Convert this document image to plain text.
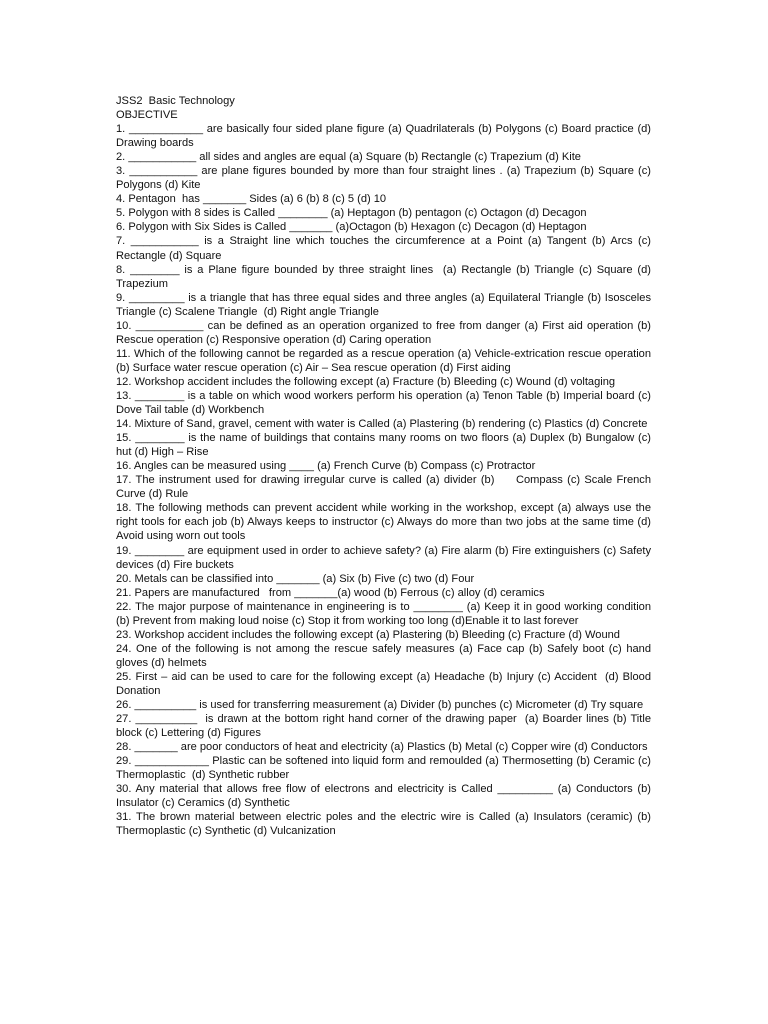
JSS2  Basic Technology

OBJECTIVE

1. ____________ are basically four sided plane figure (a) Quadrilaterals (b) Polygons (c) Board practice (d) Drawing boards

2. ___________ all sides and angles are equal (a) Square (b) Rectangle (c) Trapezium (d) Kite

3. ___________ are plane figures bounded by more than four straight lines . (a) Trapezium (b) Square (c) Polygons (d) Kite

4. Pentagon  has _______ Sides (a) 6 (b) 8 (c) 5 (d) 10

5. Polygon with 8 sides is Called ________ (a) Heptagon (b) pentagon (c) Octagon (d) Decagon

6. Polygon with Six Sides is Called _______ (a)Octagon (b) Hexagon (c) Decagon (d) Heptagon

7. ___________ is a Straight line which touches the circumference at a Point (a) Tangent (b) Arcs (c) Rectangle (d) Square

8. ________ is a Plane figure bounded by three straight lines  (a) Rectangle (b) Triangle (c) Square (d) Trapezium

9. _________ is a triangle that has three equal sides and three angles (a) Equilateral Triangle (b) Isosceles Triangle (c) Scalene Triangle  (d) Right angle Triangle

10. ___________ can be defined as an operation organized to free from danger (a) First aid operation (b) Rescue operation (c) Responsive operation (d) Caring operation

11. Which of the following cannot be regarded as a rescue operation (a) Vehicle-extrication rescue operation (b) Surface water rescue operation (c) Air – Sea rescue operation (d) First aiding

12. Workshop accident includes the following except (a) Fracture (b) Bleeding (c) Wound (d) voltaging

13. ________ is a table on which wood workers perform his operation (a) Tenon Table (b) Imperial board (c) Dove Tail table (d) Workbench

14. Mixture of Sand, gravel, cement with water is Called (a) Plastering (b) rendering (c) Plastics (d) Concrete

15. ________ is the name of buildings that contains many rooms on two floors (a) Duplex (b) Bungalow (c) hut (d) High – Rise

16. Angles can be measured using ____ (a) French Curve (b) Compass (c) Protractor

17. The instrument used for drawing irregular curve is called (a) divider (b)     Compass (c) Scale French Curve (d) Rule

18. The following methods can prevent accident while working in the workshop, except (a) always use the right tools for each job (b) Always keeps to instructor (c) Always do more than two jobs at the same time (d) Avoid using worn out tools

19. ________ are equipment used in order to achieve safety? (a) Fire alarm (b) Fire extinguishers (c) Safety devices (d) Fire buckets

20. Metals can be classified into _______ (a) Six (b) Five (c) two (d) Four

21. Papers are manufactured   from _______(a) wood (b) Ferrous (c) alloy (d) ceramics

22. The major purpose of maintenance in engineering is to ________ (a) Keep it in good working condition (b) Prevent from making loud noise (c) Stop it from working too long (d)Enable it to last forever

23. Workshop accident includes the following except (a) Plastering (b) Bleeding (c) Fracture (d) Wound

24. One of the following is not among the rescue safely measures (a) Face cap (b) Safely boot (c) hand gloves (d) helmets

25. First – aid can be used to care for the following except (a) Headache (b) Injury (c) Accident  (d) Blood Donation

26. __________ is used for transferring measurement (a) Divider (b) punches (c) Micrometer (d) Try square

27. __________  is drawn at the bottom right hand corner of the drawing paper  (a) Boarder lines (b) Title block (c) Lettering (d) Figures

28. _______ are poor conductors of heat and electricity (a) Plastics (b) Metal (c) Copper wire (d) Conductors

29. ____________ Plastic can be softened into liquid form and remoulded (a) Thermosetting (b) Ceramic (c) Thermoplastic  (d) Synthetic rubber

30. Any material that allows free flow of electrons and electricity is Called _________ (a) Conductors (b) Insulator (c) Ceramics (d) Synthetic

31. The brown material between electric poles and the electric wire is Called (a) Insulators (ceramic) (b) Thermoplastic (c) Synthetic (d) Vulcanization
